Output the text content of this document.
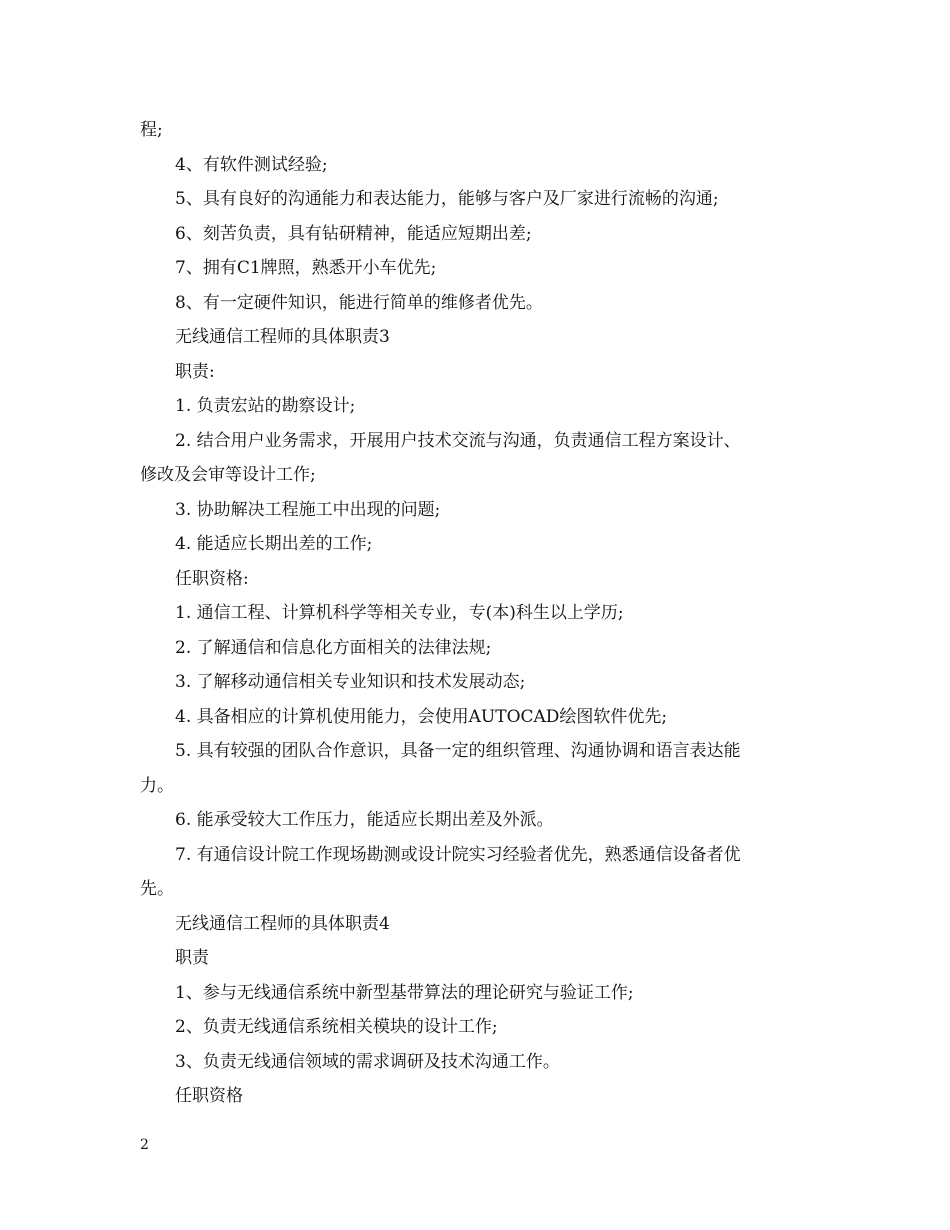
程;
4、有软件测试经验;
5、具有良好的沟通能力和表达能力，能够与客户及厂家进行流畅的沟通;
6、刻苦负责，具有钻研精神，能适应短期出差;
7、拥有C1牌照，熟悉开小车优先;
8、有一定硬件知识，能进行简单的维修者优先。
无线通信工程师的具体职责3
职责:
1. 负责宏站的勘察设计;
2. 结合用户业务需求，开展用户技术交流与沟通，负责通信工程方案设计、
修改及会审等设计工作;
3. 协助解决工程施工中出现的问题;
4. 能适应长期出差的工作;
任职资格:
1. 通信工程、计算机科学等相关专业，专(本)科生以上学历;
2. 了解通信和信息化方面相关的法律法规;
3. 了解移动通信相关专业知识和技术发展动态;
4. 具备相应的计算机使用能力，会使用AUTOCAD绘图软件优先;
5. 具有较强的团队合作意识，具备一定的组织管理、沟通协调和语言表达能
力。
6. 能承受较大工作压力，能适应长期出差及外派。
7. 有通信设计院工作现场勘测或设计院实习经验者优先，熟悉通信设备者优
先。
无线通信工程师的具体职责4
职责
1、参与无线通信系统中新型基带算法的理论研究与验证工作;
2、负责无线通信系统相关模块的设计工作;
3、负责无线通信领域的需求调研及技术沟通工作。
任职资格
2
